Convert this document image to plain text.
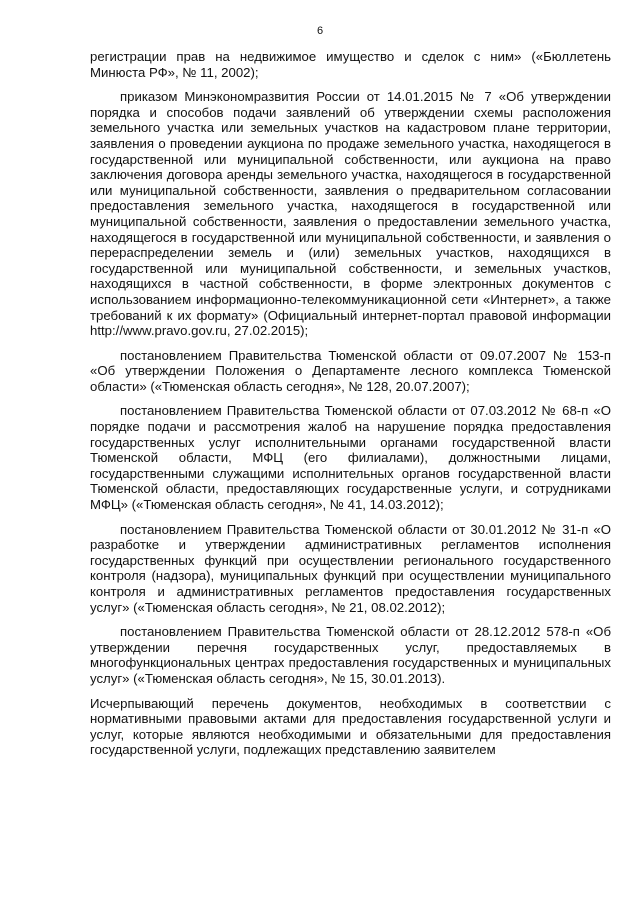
6

регистрации прав на недвижимое имущество и сделок с ним» («Бюллетень Минюста РФ», № 11, 2002);

приказом Минэкономразвития России от 14.01.2015 № 7 «Об утверждении порядка и способов подачи заявлений об утверждении схемы расположения земельного участка или земельных участков на кадастровом плане территории, заявления о проведении аукциона по продаже земельного участка, находящегося в государственной или муниципальной собственности, или аукциона на право заключения договора аренды земельного участка, находящегося в государственной или муниципальной собственности, заявления о предварительном согласовании предоставления земельного участка, находящегося в государственной или муниципальной собственности, заявления о предоставлении земельного участка, находящегося в государственной или муниципальной собственности, и заявления о перераспределении земель и (или) земельных участков, находящихся в государственной или муниципальной собственности, и земельных участков, находящихся в частной собственности, в форме электронных документов с использованием информационно-телекоммуникационной сети «Интернет», а также требований к их формату» (Официальный интернет-портал правовой информации http://www.pravo.gov.ru, 27.02.2015);

постановлением Правительства Тюменской области от 09.07.2007 № 153-п «Об утверждении Положения о Департаменте лесного комплекса Тюменской области» («Тюменская область сегодня», № 128, 20.07.2007);

постановлением Правительства Тюменской области от 07.03.2012 № 68-п «О порядке подачи и рассмотрения жалоб на нарушение порядка предоставления государственных услуг исполнительными органами государственной власти Тюменской области, МФЦ (его филиалами), должностными лицами, государственными служащими исполнительных органов государственной власти Тюменской области, предоставляющих государственные услуги, и сотрудниками МФЦ» («Тюменская область сегодня», № 41, 14.03.2012);

постановлением Правительства Тюменской области от 30.01.2012 № 31-п «О разработке и утверждении административных регламентов исполнения государственных функций при осуществлении регионального государственного контроля (надзора), муниципальных функций при осуществлении муниципального контроля и административных регламентов предоставления государственных услуг» («Тюменская область сегодня», № 21, 08.02.2012);

постановлением Правительства Тюменской области от 28.12.2012 578-п «Об утверждении перечня государственных услуг, предоставляемых в многофункциональных центрах предоставления государственных и муниципальных услуг» («Тюменская область сегодня», № 15, 30.01.2013).

Исчерпывающий перечень документов, необходимых в соответствии с нормативными правовыми актами для предоставления государственной услуги и услуг, которые являются необходимыми и обязательными для предоставления государственной услуги, подлежащих представлению заявителем
